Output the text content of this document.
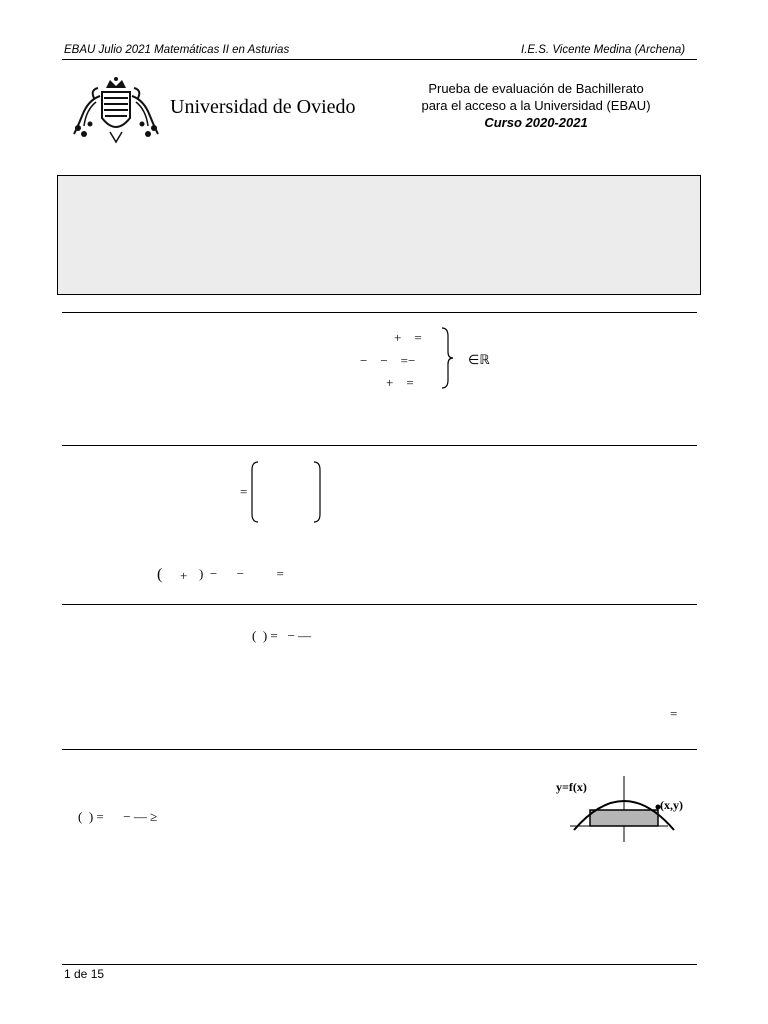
EBAU Julio 2021 Matemáticas II en Asturias	I.E.S. Vicente Medina (Archena)
Universidad de Oviedo
Prueba de evaluación de Bachillerato
para el acceso a la Universidad (EBAU)
Curso 2020-2021
+    =
−    −    =−
+    =
∈ℝ
=
( + )  −      −          =
(  ) =   − —
=
(  ) =      − — ≥
y=f(x)
(x,y)
1 de 15
